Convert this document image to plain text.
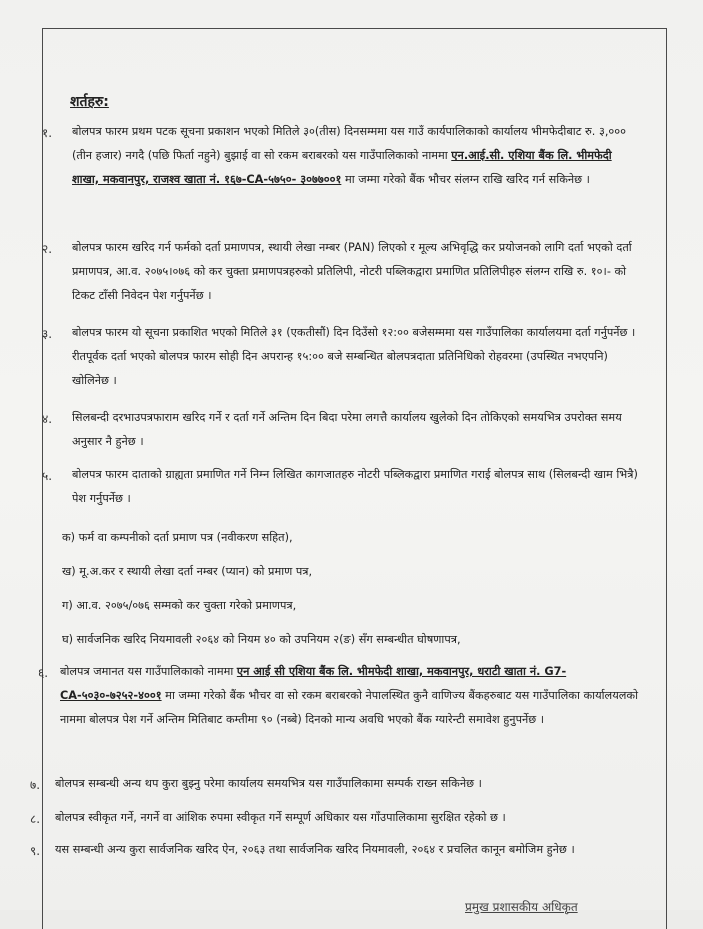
शर्तहरु:
१. बोलपत्र फारम प्रथम पटक सूचना प्रकाशन भएको मितिले ३०(तीस) दिनसम्ममा यस गाउँ कार्यपालिकाको कार्यालय भीमफेदीबाट रु. ३,००० (तीन हजार) नगदै (पछि फिर्ता नहुने) बुझाई वा सो रकम बराबरको यस गाउँपालिकाको नाममा एन.आई.सी. एशिया बैंक लि. भीमफेदी शाखा, मकवानपुर, राजश्व खाता नं. १६७-CA-५७५०- ३०७७००१ मा जम्मा गरेको बैंक भौचर संलग्न राखि खरिद गर्न सकिनेछ ।
२. बोलपत्र फारम खरिद गर्न फर्मको दर्ता प्रमाणपत्र, स्थायी लेखा नम्बर (PAN) लिएको र मूल्य अभिवृद्धि कर प्रयोजनको लागि दर्ता भएको दर्ता प्रमाणपत्र, आ.व. २०७५।०७६ को कर चुक्ता प्रमाणपत्रहरुको प्रतिलिपी, नोटरी पब्लिकद्वारा प्रमाणित प्रतिलिपीहरु संलग्न राखि रु. १०।- को टिकट टाँसी निवेदन पेश गर्नुपर्नेछ ।
३. बोलपत्र फारम यो सूचना प्रकाशित भएको मितिले ३१ (एकतीसौं) दिन दिउँसो १२:०० बजेसम्ममा यस गाउँपालिका कार्यालयमा दर्ता गर्नुपर्नेछ । रीतपूर्वक दर्ता भएको बोलपत्र फारम सोही दिन अपरान्ह १५:०० बजे सम्बन्धित बोलपत्रदाता प्रतिनिधिको रोहवरमा (उपस्थित नभएपनि) खोलिनेछ ।
४. सिलबन्दी दरभाउपत्रफाराम खरिद गर्ने र दर्ता गर्ने अन्तिम दिन बिदा परेमा लगत्तै कार्यालय खुलेको दिन तोकिएको समयभित्र उपरोक्त समय अनुसार नै हुनेछ ।
५. बोलपत्र फारम दाताको ग्राह्यता प्रमाणित गर्ने निम्न लिखित कागजातहरु नोटरी पब्लिकद्वारा प्रमाणित गराई बोलपत्र साथ (सिलबन्दी खाम भित्रै) पेश गर्नुपर्नेछ ।
क) फर्म वा कम्पनीको दर्ता प्रमाण पत्र (नवीकरण सहित),
ख) मू.अ.कर र स्थायी लेखा दर्ता नम्बर (प्यान) को प्रमाण पत्र,
ग) आ.व. २०७५/०७६ सम्मको कर चुक्ता गरेको प्रमाणपत्र,
घ) सार्वजनिक खरिद नियमावली २०६४ को नियम ४० को उपनियम २(ङ) सँग सम्बन्धीत घोषणापत्र,
६. बोलपत्र जमानत यस गाउँपालिकाको नाममा एन आई सी एशिया बैंक लि. भीमफेदी शाखा, मकवानपुर, धराटी खाता नं. G7-CA-५०३०-७२५२-४००१ मा जम्मा गरेको बैंक भौचर वा सो रकम बराबरको नेपालस्थित कुनै वाणिज्य बैंकहरुबाट यस गाउँपालिका कार्यालयलको नाममा बोलपत्र पेश गर्ने अन्तिम मितिबाट कम्तीमा ९० (नब्बे) दिनको मान्य अवधि भएको बैंक ग्यारेन्टी समावेश हुनुपर्नेछ ।
७. बोलपत्र सम्बन्धी अन्य थप कुरा बुझ्नु परेमा कार्यालय समयभित्र यस गाउँपालिकामा सम्पर्क राख्न सकिनेछ ।
८. बोलपत्र स्वीकृत गर्ने, नगर्ने वा आंशिक रुपमा स्वीकृत गर्ने सम्पूर्ण अधिकार यस गाँउपालिकामा सुरक्षित रहेको छ ।
९. यस सम्बन्धी अन्य कुरा सार्वजनिक खरिद ऐन, २०६३ तथा सार्वजनिक खरिद नियमावली, २०६४ र प्रचलित कानून बमोजिम हुनेछ ।
प्रमुख प्रशासकीय अधिकृत
